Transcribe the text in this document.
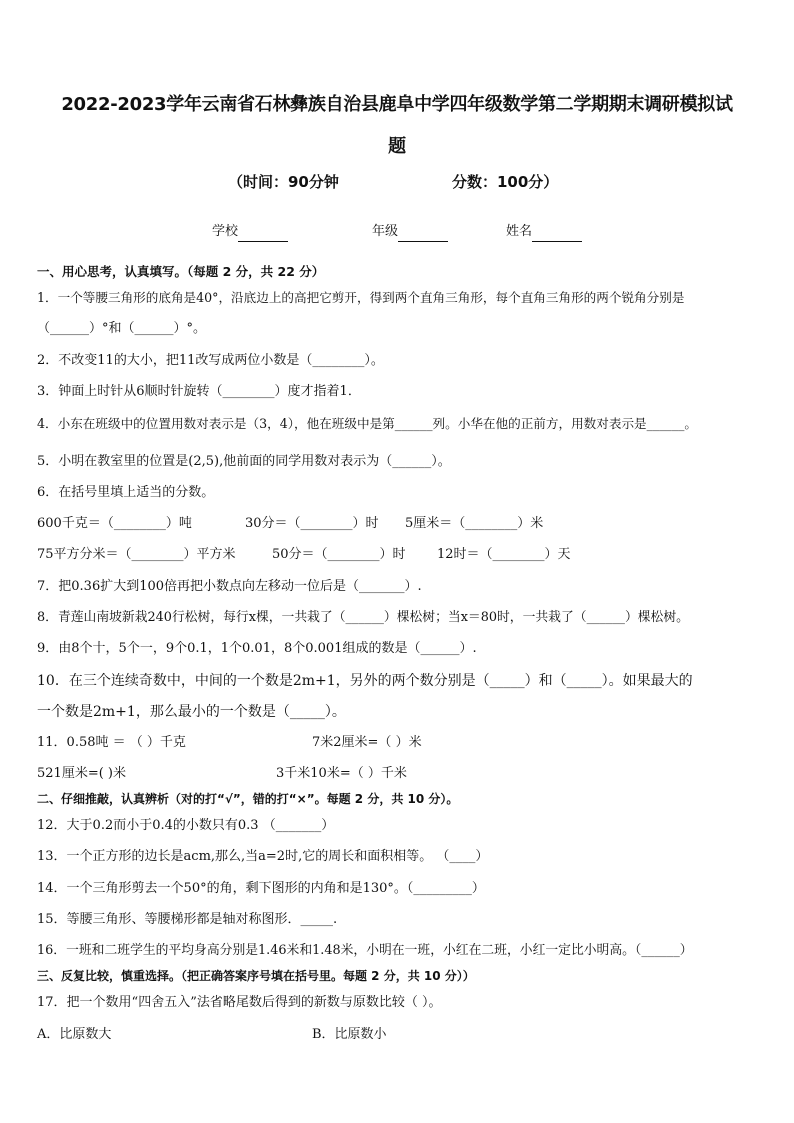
2022-2023学年云南省石林彝族自治县鹿阜中学四年级数学第二学期期末调研模拟试
题
（时间：90分钟	分数：100分）
学校	年级	姓名
一、用心思考，认真填写。（每题 2 分，共 22 分）
1．一个等腰三角形的底角是40°，沿底边上的高把它剪开，得到两个直角三角形，每个直角三角形的两个锐角分别是
（______）°和（______）°。
2．不改变11的大小，把11改写成两位小数是（________）。
3．钟面上时针从6顺时针旋转（________）度才指着1．
4．小东在班级中的位置用数对表示是（3，4），他在班级中是第______列。小华在他的正前方，用数对表示是______。
5．小明在教室里的位置是(2,5),他前面的同学用数对表示为（______）。
6．在括号里填上适当的分数。
600千克＝（________）吨	30分＝（________）时 5厘米＝（________）米
75平方分米＝（________）平方米	50分＝（________）时 12时＝（________）天
7．把0.36扩大到100倍再把小数点向左移动一位后是（_______）.
8．青莲山南坡新栽240行松树，每行x棵，一共栽了（______）棵松树；当x＝80时，一共栽了（______）棵松树。
9．由8个十，5个一，9个0.1，1个0.01，8个0.001组成的数是（______）.
10．在三个连续奇数中，中间的一个数是2m+1，另外的两个数分别是（_____）和（_____）。如果最大的
一个数是2m+1，那么最小的一个数是（_____）。
11．0.58吨 ＝ （ ）千克	7米2厘米=（ ）米
521厘米=( )米	3千米10米=（ ）千米
二、仔细推敲，认真辨析（对的打“√”，错的打“×”。每题 2 分，共 10 分）。
12．大于0.2而小于0.4的小数只有0.3 （_______）
13．一个正方形的边长是acm,那么,当a=2时,它的周长和面积相等。 （____）
14．一个三角形剪去一个50°的角，剩下图形的内角和是130°。（_________）
15．等腰三角形、等腰梯形都是轴对称图形．_____.
16．一班和二班学生的平均身高分别是1.46米和1.48米，小明在一班，小红在二班，小红一定比小明高。（______）
三、反复比较，慎重选择。（把正确答案序号填在括号里。每题 2 分，共 10 分））
17．把一个数用“四舍五入”法省略尾数后得到的新数与原数比较（ ）。
A．比原数大	B．比原数小
